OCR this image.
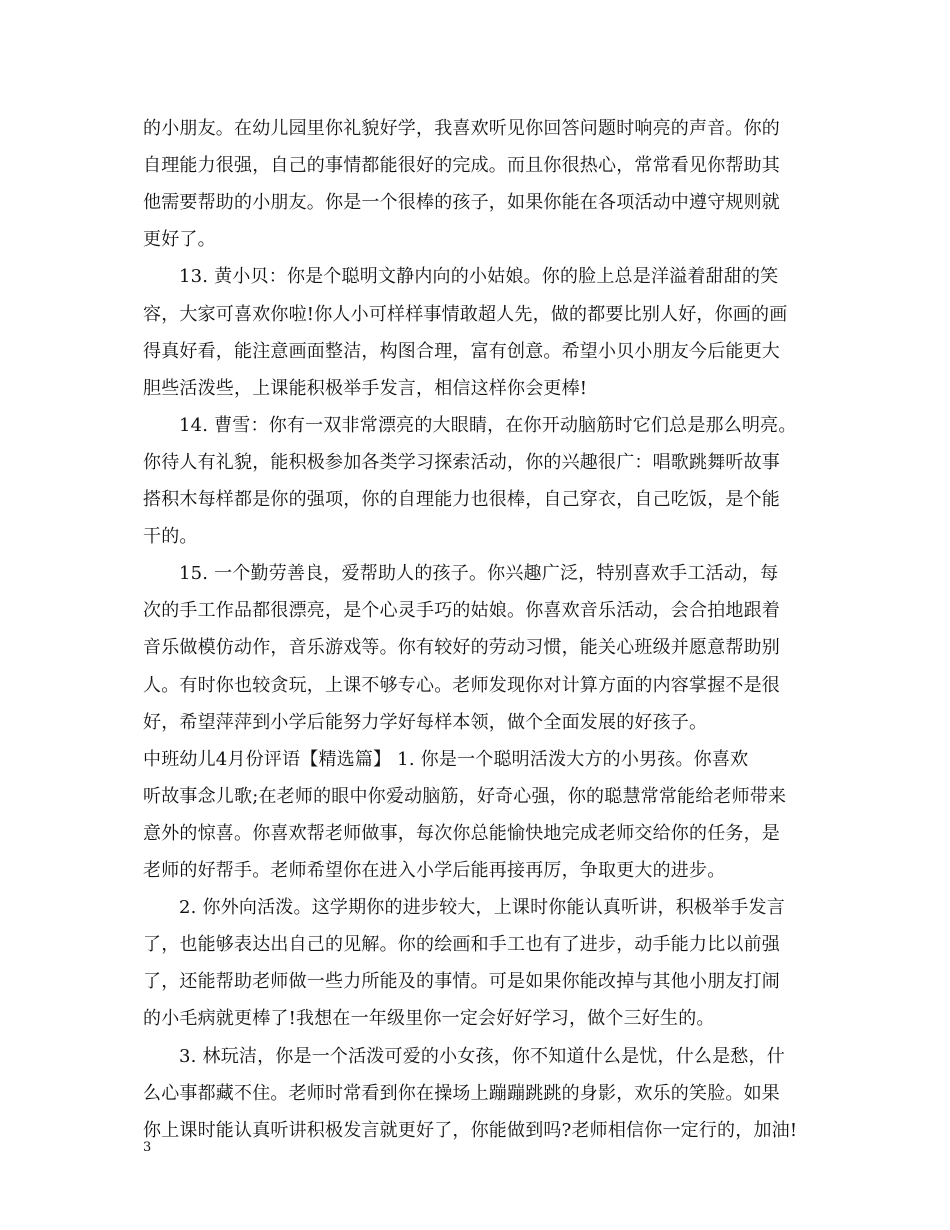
的小朋友。在幼儿园里你礼貌好学，我喜欢听见你回答问题时响亮的声音。你的
自理能力很强，自己的事情都能很好的完成。而且你很热心，常常看见你帮助其
他需要帮助的小朋友。你是一个很棒的孩子，如果你能在各项活动中遵守规则就
更好了。
13. 黄小贝：你是个聪明文静内向的小姑娘。你的脸上总是洋溢着甜甜的笑
容，大家可喜欢你啦!你人小可样样事情敢超人先，做的都要比别人好，你画的画
得真好看，能注意画面整洁，构图合理，富有创意。希望小贝小朋友今后能更大
胆些活泼些，上课能积极举手发言，相信这样你会更棒!
14. 曹雪：你有一双非常漂亮的大眼睛，在你开动脑筋时它们总是那么明亮。
你待人有礼貌，能积极参加各类学习探索活动，你的兴趣很广：唱歌跳舞听故事
搭积木每样都是你的强项，你的自理能力也很棒，自己穿衣，自己吃饭，是个能
干的。
15. 一个勤劳善良，爱帮助人的孩子。你兴趣广泛，特别喜欢手工活动，每
次的手工作品都很漂亮，是个心灵手巧的姑娘。你喜欢音乐活动，会合拍地跟着
音乐做模仿动作，音乐游戏等。你有较好的劳动习惯，能关心班级并愿意帮助别
人。有时你也较贪玩，上课不够专心。老师发现你对计算方面的内容掌握不是很
好，希望萍萍到小学后能努力学好每样本领，做个全面发展的好孩子。
中班幼儿4月份评语【精选篇】 1. 你是一个聪明活泼大方的小男孩。你喜欢
听故事念儿歌;在老师的眼中你爱动脑筋，好奇心强，你的聪慧常常能给老师带来
意外的惊喜。你喜欢帮老师做事，每次你总能愉快地完成老师交给你的任务，是
老师的好帮手。老师希望你在进入小学后能再接再厉，争取更大的进步。
2. 你外向活泼。这学期你的进步较大，上课时你能认真听讲，积极举手发言
了，也能够表达出自己的见解。你的绘画和手工也有了进步，动手能力比以前强
了，还能帮助老师做一些力所能及的事情。可是如果你能改掉与其他小朋友打闹
的小毛病就更棒了!我想在一年级里你一定会好好学习，做个三好生的。
3. 林玩洁，你是一个活泼可爱的小女孩，你不知道什么是忧，什么是愁，什
么心事都藏不住。老师时常看到你在操场上蹦蹦跳跳的身影，欢乐的笑脸。如果
你上课时能认真听讲积极发言就更好了，你能做到吗?老师相信你一定行的，加油!
3
